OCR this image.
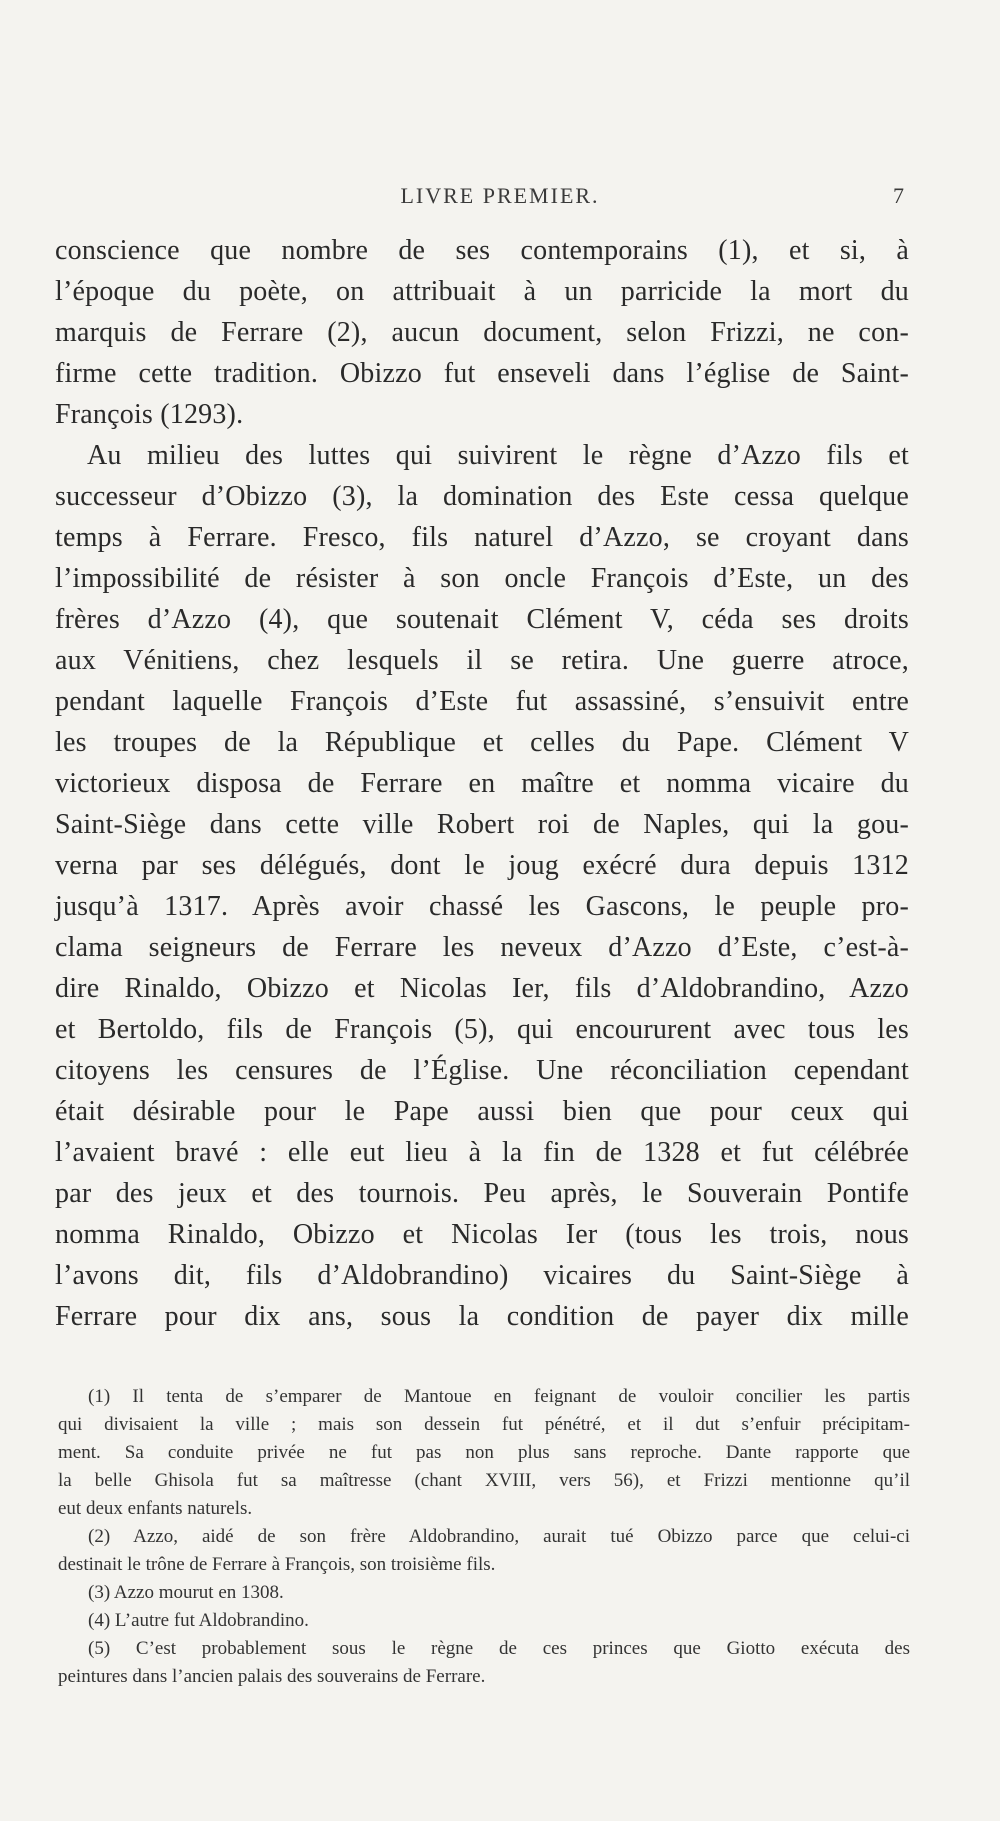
LIVRE PREMIER.	7
conscience que nombre de ses contemporains (1), et si, à
l’époque du poète, on attribuait à un parricide la mort du
marquis de Ferrare (2), aucun document, selon Frizzi, ne con-
firme cette tradition. Obizzo fut enseveli dans l’église de Saint-
François (1293).
Au milieu des luttes qui suivirent le règne d’Azzo fils et
successeur d’Obizzo (3), la domination des Este cessa quelque
temps à Ferrare. Fresco, fils naturel d’Azzo, se croyant dans
l’impossibilité de résister à son oncle François d’Este, un des
frères d’Azzo (4), que soutenait Clément V, céda ses droits
aux Vénitiens, chez lesquels il se retira. Une guerre atroce,
pendant laquelle François d’Este fut assassiné, s’ensuivit entre
les troupes de la République et celles du Pape. Clément V
victorieux disposa de Ferrare en maître et nomma vicaire du
Saint-Siège dans cette ville Robert roi de Naples, qui la gou-
verna par ses délégués, dont le joug exécré dura depuis 1312
jusqu’à 1317. Après avoir chassé les Gascons, le peuple pro-
clama seigneurs de Ferrare les neveux d’Azzo d’Este, c’est-à-
dire Rinaldo, Obizzo et Nicolas Ier, fils d’Aldobrandino, Azzo
et Bertoldo, fils de François (5), qui encoururent avec tous les
citoyens les censures de l’Église. Une réconciliation cependant
était désirable pour le Pape aussi bien que pour ceux qui
l’avaient bravé : elle eut lieu à la fin de 1328 et fut célébrée
par des jeux et des tournois. Peu après, le Souverain Pontife
nomma Rinaldo, Obizzo et Nicolas Ier (tous les trois, nous
l’avons dit, fils d’Aldobrandino) vicaires du Saint-Siège à
Ferrare pour dix ans, sous la condition de payer dix mille
(1) Il tenta de s’emparer de Mantoue en feignant de vouloir concilier les partis
qui divisaient la ville ; mais son dessein fut pénétré, et il dut s’enfuir précipitam-
ment. Sa conduite privée ne fut pas non plus sans reproche. Dante rapporte que
la belle Ghisola fut sa maîtresse (chant XVIII, vers 56), et Frizzi mentionne qu’il
eut deux enfants naturels.
(2) Azzo, aidé de son frère Aldobrandino, aurait tué Obizzo parce que celui-ci
destinait le trône de Ferrare à François, son troisième fils.
(3) Azzo mourut en 1308.
(4) L’autre fut Aldobrandino.
(5) C’est probablement sous le règne de ces princes que Giotto exécuta des
peintures dans l’ancien palais des souverains de Ferrare.
